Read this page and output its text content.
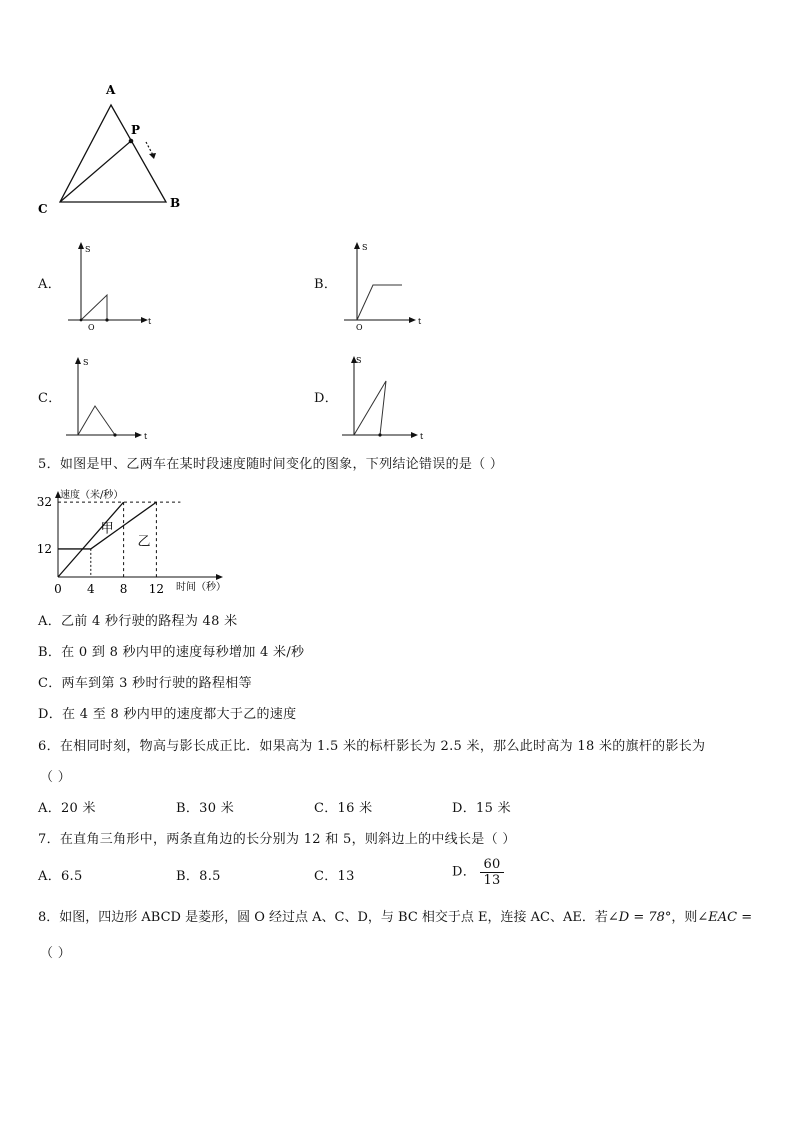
A
P
C	B
A．
S
t
O
B．
S
t
O
C．
S
t
D．
S
t
5．如图是甲、乙两车在某时段速度随时间变化的图象，下列结论错误的是（ ）
甲
乙
0 4 8 12
12
32 速度（米/秒）
时间（秒）
A．乙前 4 秒行驶的路程为 48 米
B．在 0 到 8 秒内甲的速度每秒增加 4 米/秒
C．两车到第 3 秒时行驶的路程相等
D．在 4 至 8 秒内甲的速度都大于乙的速度
6．在相同时刻，物高与影长成正比．如果高为 1.5 米的标杆影长为 2.5 米，那么此时高为 18 米的旗杆的影长为
（ ）
A．20 米	B．30 米	C．16 米	D．15 米
7．在直角三角形中，两条直角边的长分别为 12 和 5，则斜边上的中线长是（ ）
A．6.5	B．8.5	C．13	D． $\frac{60}{13}$
8．如图，四边形 ABCD 是菱形，圆 O 经过点 A、C、D，与 BC 相交于点 E，连接 AC、AE．若∠D = 78°，则∠EAC =
（ ）
